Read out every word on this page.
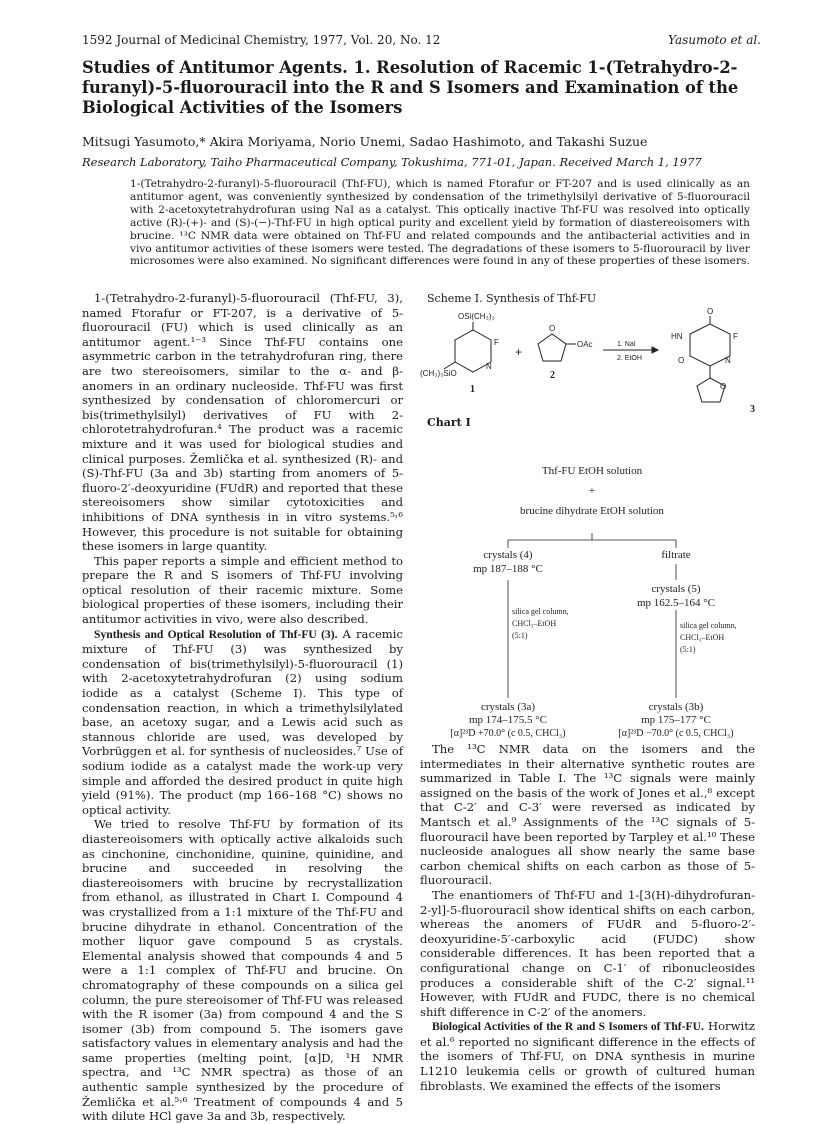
1592 Journal of Medicinal Chemistry, 1977, Vol. 20, No. 12	Yasumoto et al.
Studies of Antitumor Agents. 1. Resolution of Racemic 1-(Tetrahydro-2-furanyl)-5-fluorouracil into the R and S Isomers and Examination of the Biological Activities of the Isomers
Mitsugi Yasumoto,* Akira Moriyama, Norio Unemi, Sadao Hashimoto, and Takashi Suzue
Research Laboratory, Taiho Pharmaceutical Company, Tokushima, 771-01, Japan. Received March 1, 1977
1-(Tetrahydro-2-furanyl)-5-fluorouracil (Thf-FU), which is named Ftorafur or FT-207 and is used clinically as an antitumor agent, was conveniently synthesized by condensation of the trimethylsilyl derivative of 5-fluorouracil with 2-acetoxytetrahydrofuran using NaI as a catalyst. This optically inactive Thf-FU was resolved into optically active (R)-(+)- and (S)-(−)-Thf-FU in high optical purity and excellent yield by formation of diastereoisomers with brucine. ¹³C NMR data were obtained on Thf-FU and related compounds and the antibacterial activities and in vivo antitumor activities of these isomers were tested. The degradations of these isomers to 5-fluorouracil by liver microsomes were also examined. No significant differences were found in any of these properties of these isomers.

1-(Tetrahydro-2-furanyl)-5-fluorouracil (Thf-FU, 3), named Ftorafur or FT-207, is a derivative of 5-fluorouracil (FU) which is used clinically as an antitumor agent.¹⁻³ Since Thf-FU contains one asymmetric carbon in the tetrahydrofuran ring, there are two stereoisomers, similar to the α- and β-anomers in an ordinary nucleoside. Thf-FU was first synthesized by condensation of chloromercuri or bis(trimethylsilyl) derivatives of FU with 2-chlorotetrahydrofuran.⁴ The product was a racemic mixture and it was used for biological studies and clinical purposes. Žemlička et al. synthesized (R)- and (S)-Thf-FU (3a and 3b) starting from anomers of 5-fluoro-2′-deoxyuridine (FUdR) and reported that these stereoisomers show similar cytotoxicities and inhibitions of DNA synthesis in in vitro systems.⁵˒⁶ However, this procedure is not suitable for obtaining these isomers in large quantity.

This paper reports a simple and efficient method to prepare the R and S isomers of Thf-FU involving optical resolution of their racemic mixture. Some biological properties of these isomers, including their antitumor activities in vivo, were also described.

Synthesis and Optical Resolution of Thf-FU (3). A racemic mixture of Thf-FU (3) was synthesized by condensation of bis(trimethylsilyl)-5-fluorouracil (1) with 2-acetoxytetrahydrofuran (2) using sodium iodide as a catalyst (Scheme I). This type of condensation reaction, in which a trimethylsilylated base, an acetoxy sugar, and a Lewis acid such as stannous chloride are used, was developed by Vorbrüggen et al. for synthesis of nucleosides.⁷ Use of sodium iodide as a catalyst made the work-up very simple and afforded the desired product in quite high yield (91%). The product (mp 166–168 °C) shows no optical activity.

We tried to resolve Thf-FU by formation of its diastereoisomers with optically active alkaloids such as cinchonine, cinchonidine, quinine, quinidine, and brucine and succeeded in resolving the diastereoisomers with brucine by recrystallization from ethanol, as illustrated in Chart I. Compound 4 was crystallized from a 1:1 mixture of the Thf-FU and brucine dihydrate in ethanol. Concentration of the mother liquor gave compound 5 as crystals. Elemental analysis showed that compounds 4 and 5 were a 1:1 complex of Thf-FU and brucine. On chromatography of these compounds on a silica gel column, the pure stereoisomer of Thf-FU was released with the R isomer (3a) from compound 4 and the S isomer (3b) from compound 5. The isomers gave satisfactory values in elementary analysis and had the same properties (melting point, [α]D, ¹H NMR spectra, and ¹³C NMR spectra) as those of an authentic sample synthesized by the procedure of Žemlička et al.⁵˒⁶ Treatment of compounds 4 and 5 with dilute HCl gave 3a and 3b, respectively.

Scheme I. Synthesis of Thf-FU
OSi(CH₃)₃
(CH₃)₃SiO
F
N
+
O
OAc	1. NaI
2. EtOH
O
HN	F
O	N
O
1
2
3
Chart I
Thf-FU EtOH solution
+
brucine dihydrate EtOH solution
crystals (4)
mp 187–188 °C
filtrate
crystals (5)
mp 162.5–164 °C
crystals (3a)
mp 174–175.5 °C
[α]²³D +70.0° (c 0.5, CHCl₃)
crystals (3b)
mp 175–177 °C
[α]²³D −70.0° (c 0.5, CHCl₃)
silica gel column,
CHCl₃–EtOH
(5:1)
silica gel column,
CHCl₃–EtOH
(5:1)

The ¹³C NMR data on the isomers and the intermediates in their alternative synthetic routes are summarized in Table I. The ¹³C signals were mainly assigned on the basis of the work of Jones et al.,⁸ except that C-2′ and C-3′ were reversed as indicated by Mantsch et al.⁹ Assignments of the ¹³C signals of 5-fluorouracil have been reported by Tarpley et al.¹⁰ These nucleoside analogues all show nearly the same base carbon chemical shifts on each carbon as those of 5-fluorouracil.

The enantiomers of Thf-FU and 1-[3(H)-dihydrofuran-2-yl]-5-fluorouracil show identical shifts on each carbon, whereas the anomers of FUdR and 5-fluoro-2′-deoxyuridine-5′-carboxylic acid (FUDC) show considerable differences. It has been reported that a configurational change on C-1′ of ribonucleosides produces a considerable shift of the C-2′ signal.¹¹ However, with FUdR and FUDC, there is no chemical shift difference in C-2′ of the anomers.

Biological Activities of the R and S Isomers of Thf-FU. Horwitz et al.⁶ reported no significant difference in the effects of the isomers of Thf-FU, on DNA synthesis in murine L1210 leukemia cells or growth of cultured human fibroblasts. We examined the effects of the isomers
